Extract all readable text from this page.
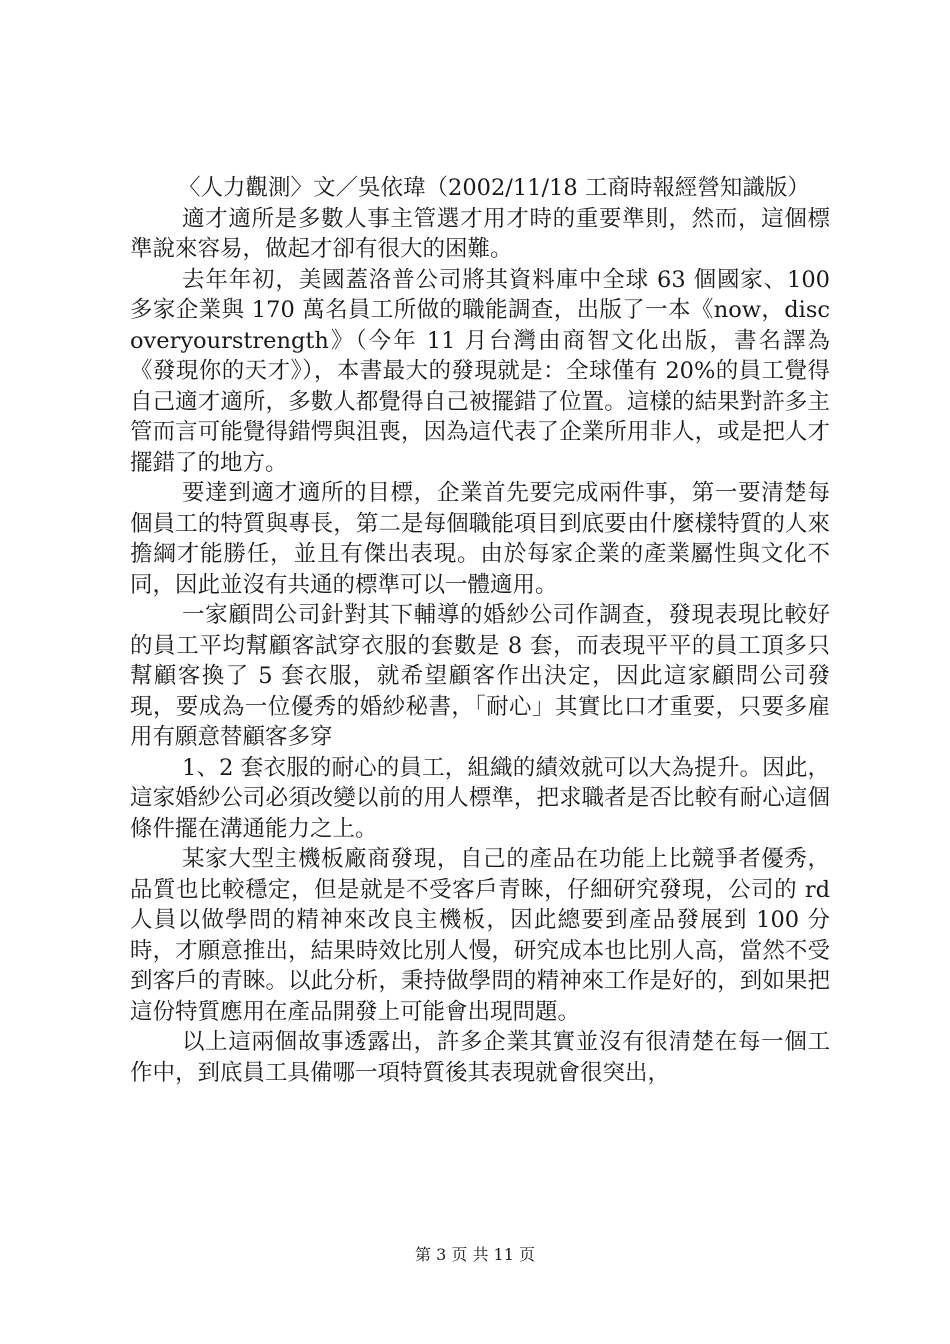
〈人力觀測〉文／吳依瑋（2002/11/18 工商時報經營知識版）

適才適所是多數人事主管選才用才時的重要準則，然而，這個標準說來容易，做起才卻有很大的困難。

去年年初，美國蓋洛普公司將其資料庫中全球 63 個國家、100 多家企業與 170 萬名員工所做的職能調查，出版了一本《now，discoveryourstrength》（今年 11 月台灣由商智文化出版，書名譯為《發現你的天才》），本書最大的發現就是：全球僅有 20%的員工覺得自己適才適所，多數人都覺得自己被擺錯了位置。這樣的結果對許多主管而言可能覺得錯愕與沮喪，因為這代表了企業所用非人，或是把人才擺錯了的地方。

要達到適才適所的目標，企業首先要完成兩件事，第一要清楚每個員工的特質與專長，第二是每個職能項目到底要由什麼樣特質的人來擔綱才能勝任，並且有傑出表現。由於每家企業的產業屬性與文化不同，因此並沒有共通的標準可以一體適用。

一家顧問公司針對其下輔導的婚紗公司作調查，發現表現比較好的員工平均幫顧客試穿衣服的套數是 8 套，而表現平平的員工頂多只幫顧客換了 5 套衣服，就希望顧客作出決定，因此這家顧問公司發現，要成為一位優秀的婚紗秘書，「耐心」其實比口才重要，只要多雇用有願意替顧客多穿

1、2 套衣服的耐心的員工，組織的績效就可以大為提升。因此，這家婚紗公司必須改變以前的用人標準，把求職者是否比較有耐心這個條件擺在溝通能力之上。

某家大型主機板廠商發現，自己的產品在功能上比競爭者優秀，品質也比較穩定，但是就是不受客戶青睞，仔細研究發現，公司的 rd 人員以做學問的精神來改良主機板，因此總要到產品發展到 100 分時，才願意推出，結果時效比別人慢，研究成本也比別人高，當然不受到客戶的青睞。以此分析，秉持做學問的精神來工作是好的，到如果把這份特質應用在產品開發上可能會出現問題。

以上這兩個故事透露出，許多企業其實並沒有很清楚在每一個工作中，到底員工具備哪一項特質後其表現就會很突出，

第 3 页 共 11 页
